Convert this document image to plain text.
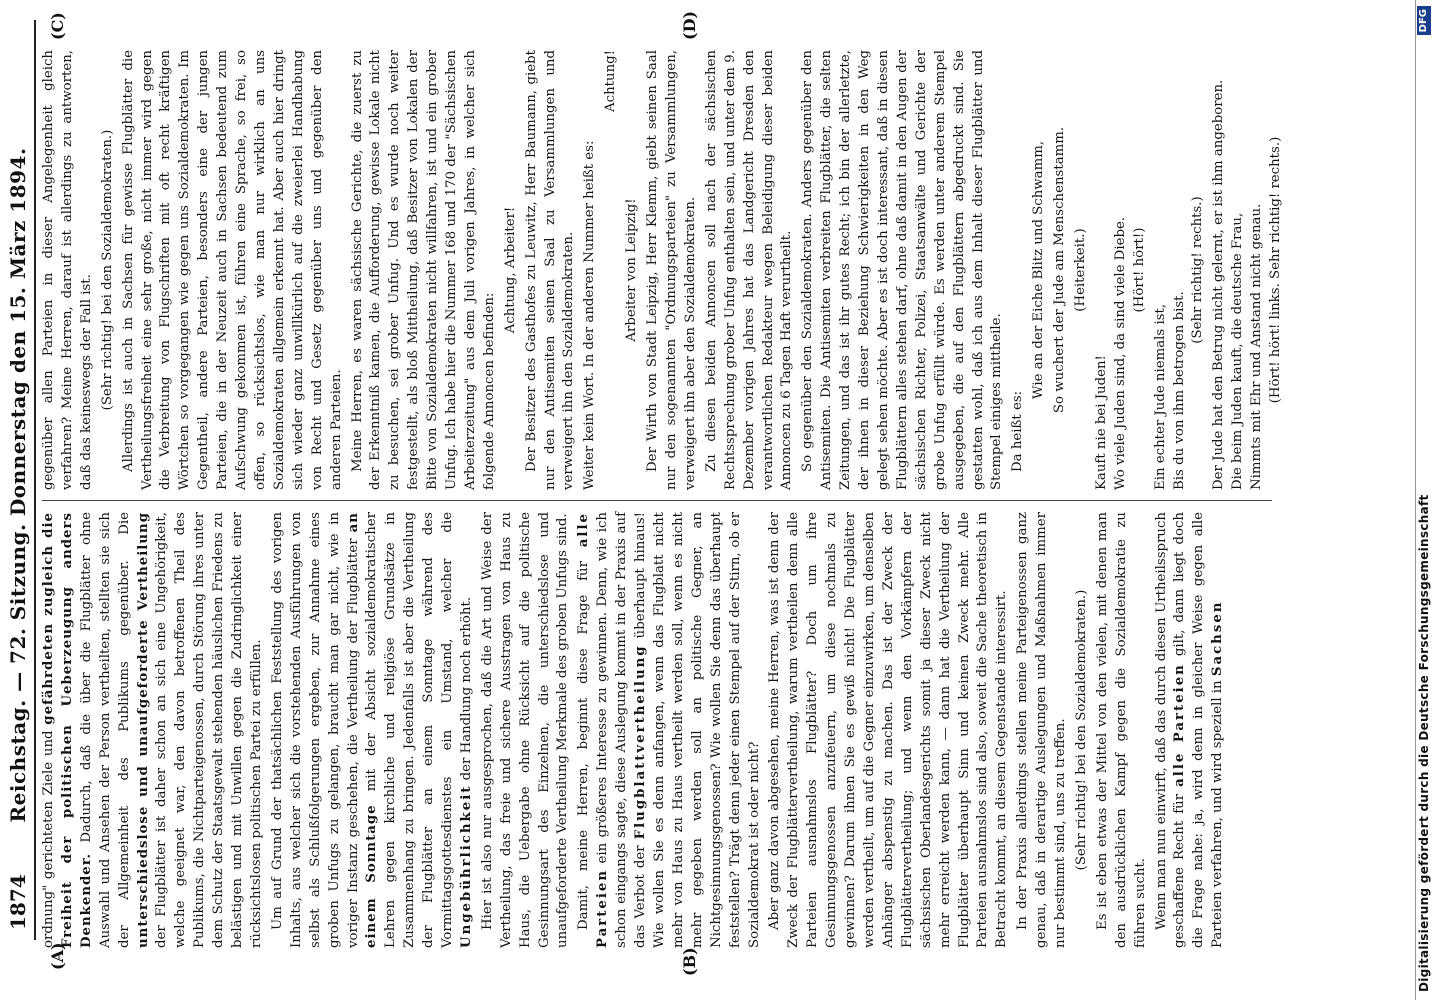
1874
Reichstag. — 72. Sitzung. Donnerstag den 15. März 1894.
(A)	(B)
(C)	(D)

ordnung" gerichteten Ziele und gefährdeten zugleich die Freiheit der politischen Ueberzeugung anders Denkender. Dadurch, daß die über die Flugblätter ohne Auswahl und Ansehen der Person vertheilten, stellten sie sich der Allgemeinheit des Publikums gegenüber. Die unterschiedslose und unaufgeforderte Vertheilung der Flugblätter ist daher schon an sich eine Ungehörigkeit, welche geeignet war, den davon betroffenen Theil des Publikums, die Nichtparteigenossen, durch Störung ihres unter dem Schutz der Staatsgewalt stehenden häuslichen Friedens zu belästigen und mit Unwillen gegen die Zudringlichkeit einer rücksichtslosen politischen Partei zu erfüllen. Um auf Grund der thatsächlichen Feststellung des vorigen Inhalts, aus welcher sich die vorstehenden Ausführungen von selbst als Schlußfolgerungen ergeben, zur Annahme eines groben Unfugs zu gelangen, braucht man gar nicht, wie in voriger Instanz geschehen, die Vertheilung der Flugblätter an einem Sonntage mit der Absicht sozialdemokratischer Lehren gegen kirchliche und religiöse Grundsätze in Zusammenhang zu bringen. Jedenfalls ist aber die Vertheilung der Flugblätter an einem Sonntage während des Vormittagsgottesdienstes ein Umstand, welcher die Ungebührlichkeit der Handlung noch erhöht. Hier ist also nur ausgesprochen, daß die Art und Weise der Vertheilung, das freie und sichere Ausstragen von Haus zu Haus, die Uebergabe ohne Rücksicht auf die politische Gesinnungsart des Einzelnen, die unterschiedslose und unaufgeforderte Vertheilung Merkmale des groben Unfugs sind. Damit, meine Herren, beginnt diese Frage für alle Parteien ein größeres Interesse zu gewinnen. Denn, wie ich schon eingangs sagte, diese Auslegung kommt in der Praxis auf das Verbot der Flugblattvertheilung überhaupt hinaus! Wie wollen Sie es denn anfangen, wenn das Flugblatt nicht mehr von Haus zu Haus vertheilt werden soll, wenn es nicht mehr gegeben werden soll an politische Gegner, an Nichtgesinnungsgenossen? Wie wollen Sie denn das überhaupt feststellen? Trägt denn jeder einen Stempel auf der Stirn, ob er Sozialdemokrat ist oder nicht? Aber ganz davon abgesehen, meine Herren, was ist denn der Zweck der Flugblättervertheilung, warum vertheilen denn alle Parteien ausnahmslos Flugblätter? Doch um ihre Gesinnungsgenossen anzufeuern, um diese nochmals zu gewinnen? Darum ihnen Sie es gewiß nicht! Die Flugblätter werden vertheilt, um auf die Gegner einzuwirken, um denselben Anhänger abspenstig zu machen. Das ist der Zweck der Flugblättervertheilung; und wenn den Vorkämpfern der sächsischen Oberlandesgerichts somit ja dieser Zweck nicht mehr erreicht werden kann, — dann hat die Vertheilung der Flugblätter überhaupt Sinn und keinen Zweck mehr. Alle Parteien ausnahmslos sind also, soweit die Sache theoretisch in Betracht kommt, an diesem Gegenstande interessirt. In der Praxis allerdings stellen meine Parteigenossen ganz genau, daß in derartige Auslegungen und Maßnahmen immer nur bestimmt sind, uns zu treffen. (Sehr richtig! bei den Sozialdemokraten.) Es ist eben etwas der Mittel von den vielen, mit denen man den ausdrücklichen Kampf gegen die Sozialdemokratie zu führen sucht. Wenn man nun einwirft, daß das durch diesen Urtheilsspruch geschaffene Recht für alle Parteien gilt, dann liegt doch die Frage nahe: ja, wird denn in gleicher Weise gegen alle Parteien verfahren, und wird speziell in Sachsen

gegenüber allen Parteien in dieser Angelegenheit gleich verfahren? Meine Herren, darauf ist allerdings zu antworten, daß das keineswegs der Fall ist. (Sehr richtig! bei den Sozialdemokraten.) Allerdings ist auch in Sachsen für gewisse Flugblätter die Vertheilungsfreiheit eine sehr große, nicht immer wird gegen die Verbreitung von Flugschriften mit oft recht kräftigen Wörtchen so vorgegangen wie gegen uns Sozialdemokraten. Im Gegentheil, andere Parteien, besonders eine der jungen Parteien, die in der Neuzeit auch in Sachsen bedeutend zum Aufschwung gekommen ist, führen eine Sprache, so frei, so offen, so rücksichtslos, wie man nur wirklich an uns Sozialdemokraten allgemein erkennt hat. Aber auch hier dringt sich wieder ganz unwillkürlich auf die zweierlei Handhabung von Recht und Gesetz gegenüber uns und gegenüber den anderen Parteien. Meine Herren, es waren sächsische Gerichte, die zuerst zu der Erkenntniß kamen, die Aufforderung, gewisse Lokale nicht zu besuchen, sei grober Unfug. Und es wurde noch weiter festgestellt, als bloß Mittheilung, daß Besitzer von Lokalen der Bitte von Sozialdemokraten nicht willfahren, ist und ein grober Unfug. Ich habe hier die Nummer 168 und 170 der "Sächsischen Arbeiterzeitung" aus dem Juli vorigen Jahres, in welcher sich folgende Annoncen befinden:

Achtung, Arbeiter! Der Besitzer des Gasthofes zu Leuwitz, Herr Baumann, giebt nur den Antisemiten seinen Saal zu Versammlungen und verweigert ihn den Sozialdemokraten. Weiter kein Wort. In der anderen Nummer heißt es:

Achtung!

Arbeiter von Leipzig! Der Wirth von Stadt Leipzig, Herr Klemm, giebt seinen Saal nur den sogenannten "Ordnungsparteien" zu Versammlungen, verweigert ihn aber den Sozialdemokraten. Zu diesen beiden Annoncen soll nach der sächsischen Rechtssprechung grober Unfug enthalten sein, und unter dem 9. Dezember vorigen Jahres hat das Landgericht Dresden den verantwortlichen Redakteur wegen Beleidigung dieser beiden Annoncen zu 6 Tagen Haft verurtheilt. So gegenüber den Sozialdemokraten. Anders gegenüber den Antisemiten. Die Antisemiten verbreiten Flugblätter, die selten Zeitungen, und das ist ihr gutes Recht; ich bin der allerletzte, der ihnen in dieser Beziehung Schwierigkeiten in den Weg gelegt sehen möchte. Aber es ist doch interessant, daß in diesen Flugblättern alles stehen darf, ohne daß damit in den Augen der sächsischen Richter, Polizei, Staatsanwälte und Gerichte der grobe Unfug erfüllt würde. Es werden unter anderem Stempel ausgegeben, die auf den Flugblättern abgedruckt sind. Sie gestatten wohl, daß ich aus dem Inhalt dieser Flugblätter und Stempel einiges mittheile. Da heißt es:

Wie an der Eiche Blitz und Schwamm, So wuchert der Jude am Menschenstamm. (Heiterkeit.)

Kauft nie bei Juden! Wo viele Juden sind, da sind viele Diebe. (Hört! hört!)

Ein echter Jude niemals ist, Bis du von ihm betrogen bist.

(Sehr richtig! rechts.) Der Jude hat den Betrug nicht gelernt, er ist ihm angeboren. Die beim Juden kauft, die deutsche Frau, Nimmts mit Ehr und Anstand nicht genau. (Hört! hört! links. Sehr richtig! rechts.)

Digitalisierung gefördert durch die Deutsche Forschungsgemeinschaft
DFG
